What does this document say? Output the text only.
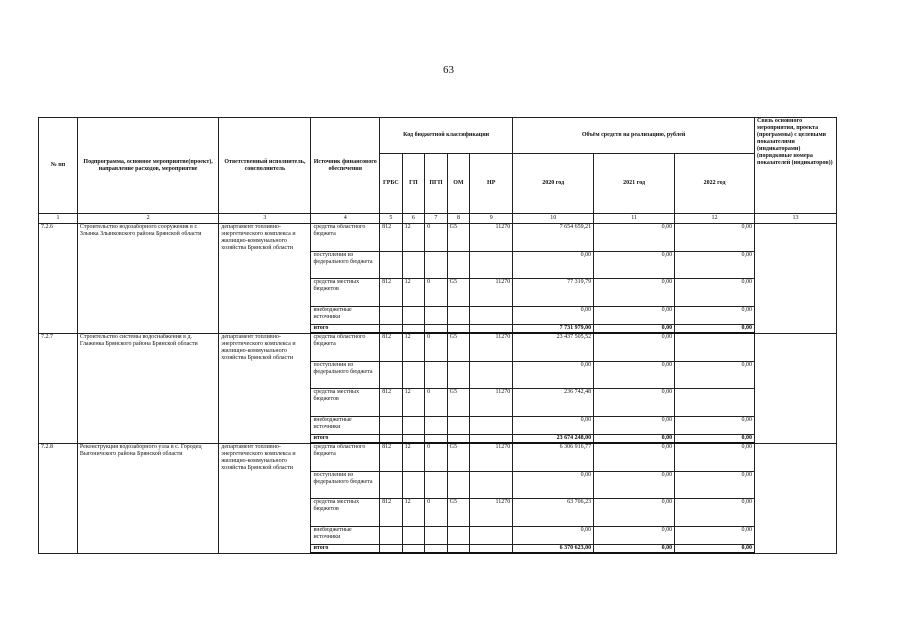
63
№ пп	Подпрограмма, основное мероприятие(проект), направление расходов, мероприятие	Ответственный исполнитель, соисполнитель	Источник финансового обеспечения	Код бюджетной классификации					Объём средств на реализацию, рублей			Связь основного мероприятия, проекта (программы) с целевыми показателями (индикаторами) (порядковые номера показателей (индикаторов))
				ГРБС	ГП	ПГП	ОМ	НР	2020 год	2021 год	2022 год	
1	2	3	4	5	6	7	8	9	10	11	12	13
7.2.6	Строительство водозаборного сооружения в г. Злынка Злынковского района Брянской области	департамент топливно-энергетического комплекса и жилищно-коммунального хозяйства Брянской области	средства областного бюджета	812	12	0	G5	11270	7 654 659,21	0,00	0,00	
			поступления из федерального бюджета						0,00	0,00	0,00	
			средства местных бюджетов	812	12	0	G5	11270	77 319,79	0,00	0,00	
			внебюджетные источники						0,00	0,00	0,00	
			итого						7 731 979,00	0,00	0,00	
7.2.7	Строительство системы водоснабжения в д. Глаженка Брянского района Брянской области	департамент топливно-энергетического комплекса и жилищно-коммунального хозяйства Брянской области	средства областного бюджета	812	12	0	G5	11270	23 437 505,52	0,00		
			поступления из федерального бюджета						0,00	0,00	0,00	
			средства местных бюджетов	812	12	0	G5	11270	236 742,48	0,00		
			внебюджетные источники						0,00	0,00	0,00	
			итого						23 674 248,00	0,00	0,00	
7.2.8	Реконструкция водозаборного узла в с. Городец Выгоничского района Брянской области	департамент топливно-энергетического комплекса и жилищно-коммунального хозяйства Брянской области	средства областного бюджета	812	12	0	G5	11270	6 306 916,77	0,00	0,00	
			поступления из федерального бюджета						0,00	0,00	0,00	
			средства местных бюджетов	812	12	0	G5	11270	63 706,23	0,00	0,00	
			внебюджетные источники						0,00	0,00	0,00	
			итого						6 370 623,00	0,00	0,00	
